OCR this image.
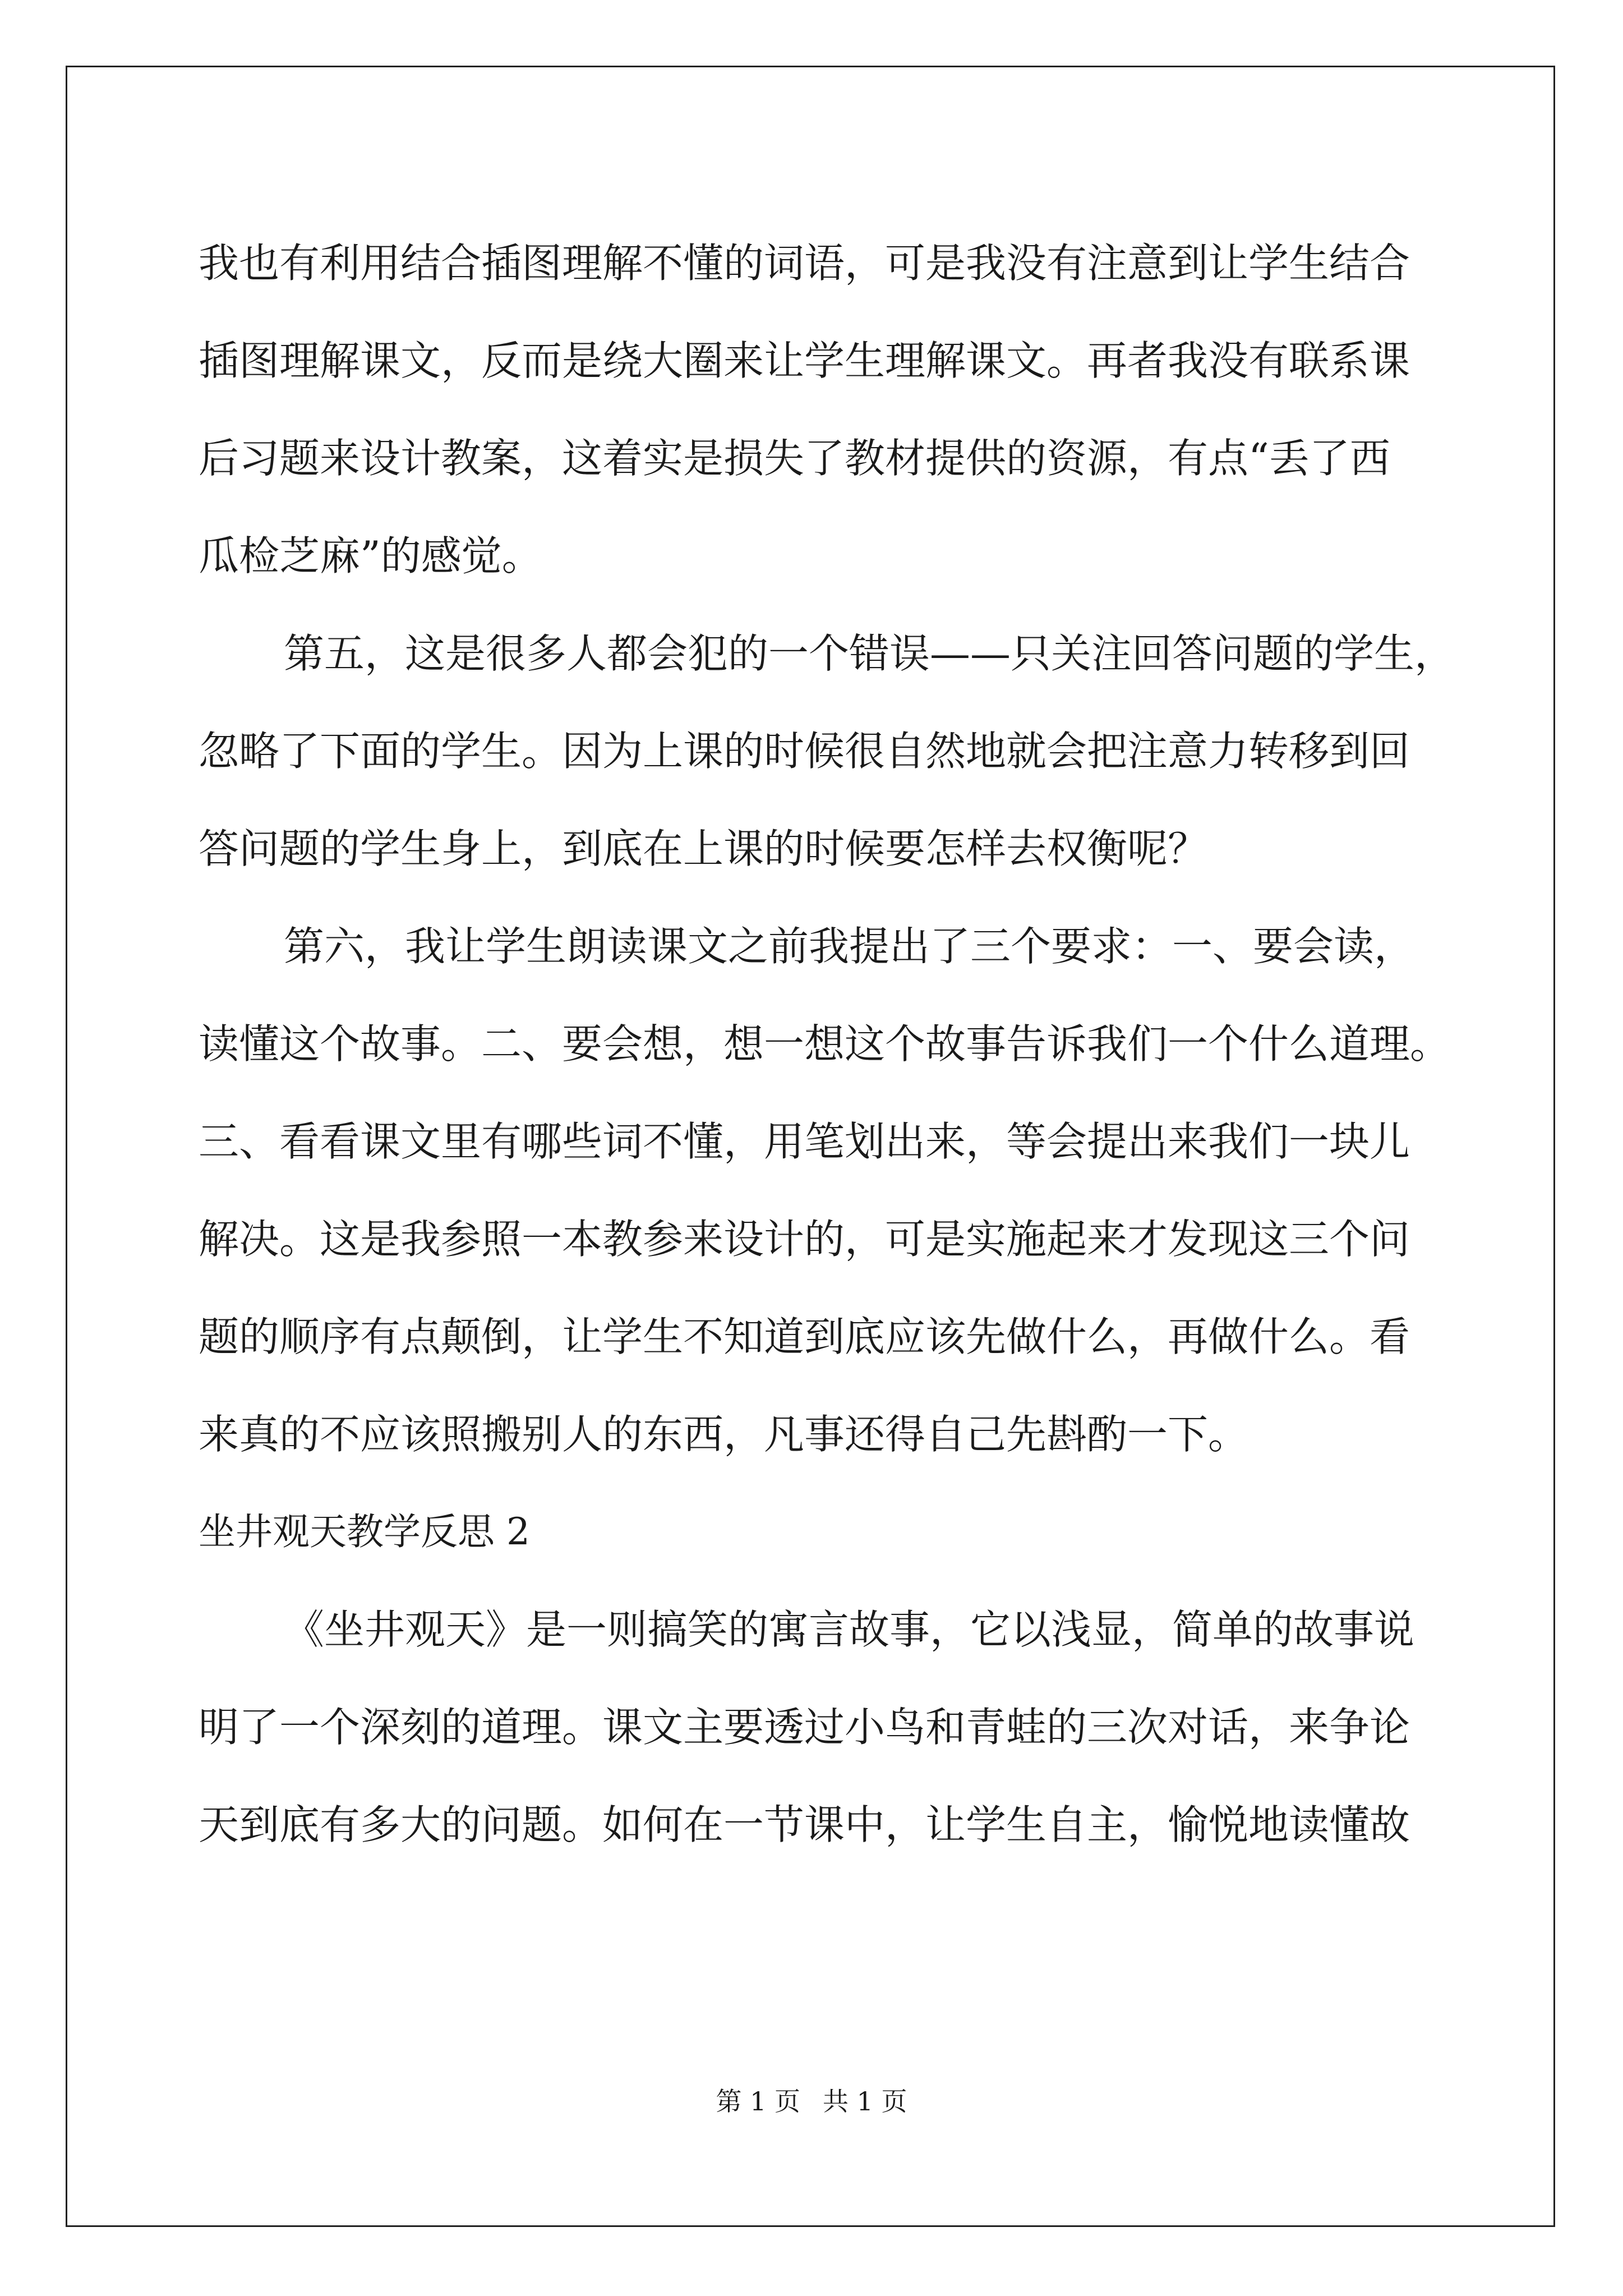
我也有利用结合插图理解不懂的词语，可是我没有注意到让学生结合
插图理解课文，反而是绕大圈来让学生理解课文。再者我没有联系课
后习题来设计教案，这着实是损失了教材提供的资源，有点“丢了西
瓜检芝麻”的感觉。
第五，这是很多人都会犯的一个错误——只关注回答问题的学生，
忽略了下面的学生。因为上课的时候很自然地就会把注意力转移到回
答问题的学生身上，到底在上课的时候要怎样去权衡呢？
第六，我让学生朗读课文之前我提出了三个要求：一、要会读，
读懂这个故事。二、要会想，想一想这个故事告诉我们一个什么道理。
三、看看课文里有哪些词不懂，用笔划出来，等会提出来我们一块儿
解决。这是我参照一本教参来设计的，可是实施起来才发现这三个问
题的顺序有点颠倒，让学生不知道到底应该先做什么，再做什么。看
来真的不应该照搬别人的东西，凡事还得自己先斟酌一下。
坐井观天教学反思 2
《坐井观天》是一则搞笑的寓言故事，它以浅显，简单的故事说
明了一个深刻的道理。课文主要透过小鸟和青蛙的三次对话，来争论
天到底有多大的问题。如何在一节课中，让学生自主，愉悦地读懂故
第 1 页 共 1 页
